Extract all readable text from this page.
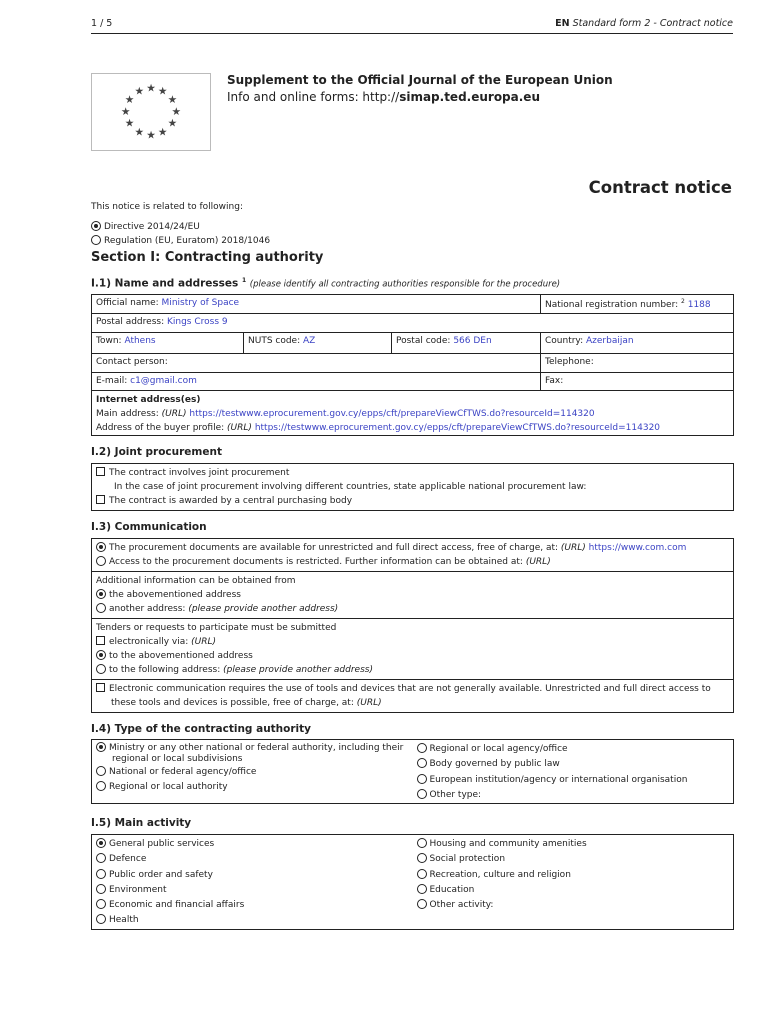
1 / 5	EN Standard form 2 - Contract notice
★ ★
★
★
★
★
★
★
★
★
★ ★
Supplement to the Official Journal of the European Union
Info and online forms: http://simap.ted.europa.eu
Contract notice
This notice is related to following:
Directive 2014/24/EU
Regulation (EU, Euratom) 2018/1046
Section I: Contracting authority
I.1) Name and addresses $^1$ (please identify all contracting authorities responsible for the procedure)
Official name: Ministry of Space	National registration number: $^2$ 1188
Postal address: Kings Cross 9
Town: Athens	NUTS code: AZ	Postal code: 566 DEn	Country: Azerbaijan
Contact person:	Telephone:
E-mail: c1@gmail.com	Fax:
Internet address(es)
Main address: (URL) https://testwww.eprocurement.gov.cy/epps/cft/prepareViewCfTWS.do?resourceId=114320
Address of the buyer profile: (URL) https://testwww.eprocurement.gov.cy/epps/cft/prepareViewCfTWS.do?resourceId=114320
I.2) Joint procurement
The contract involves joint procurement
In the case of joint procurement involving different countries, state applicable national procurement law:
The contract is awarded by a central purchasing body
I.3) Communication
The procurement documents are available for unrestricted and full direct access, free of charge, at: (URL) https://www.com.com
Access to the procurement documents is restricted. Further information can be obtained at: (URL)
Additional information can be obtained from
the abovementioned address
another address: (please provide another address)
Tenders or requests to participate must be submitted
electronically via: (URL)
to the abovementioned address
to the following address: (please provide another address)
Electronic communication requires the use of tools and devices that are not generally available. Unrestricted and full direct access to
these tools and devices is possible, free of charge, at: (URL)
I.4) Type of the contracting authority
Ministry or any other national or federal authority, including their
regional or local subdivisions
National or federal agency/office
Regional or local authority
Regional or local agency/office
Body governed by public law
European institution/agency or international organisation
Other type:
I.5) Main activity
General public services
Defence
Public order and safety
Environment
Economic and financial affairs
Health
Housing and community amenities
Social protection
Recreation, culture and religion
Education
Other activity:
